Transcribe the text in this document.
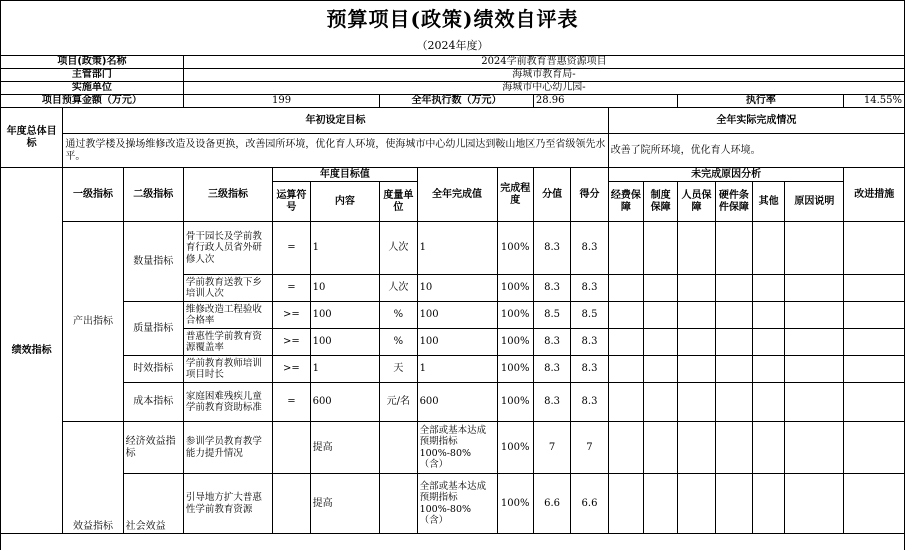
预算项目(政策)绩效自评表
（2024年度）
项目(政策)名称			2024学前教育普惠资源项目														
主管部门			海城市教育局-														
实施单位			海城市中心幼儿园-														
项目预算金额（万元）			199			全年执行数（万元）			28.96				执行率				14.55%
年度总体目标	年初设定目标										全年实际完成情况						
	通过教学楼及操场维修改造及设备更换，改善园所环境，优化育人环境，使海城市中心幼儿园达到鞍山地区乃至省级领先水平。										改善了院所环境，优化育人环境。						
绩效指标	一级指标	二级指标	三级指标	年度目标值			全年完成值	完成程度	分值	得分	未完成原因分析						改进措施
				运算符号	内容	度量单位					经费保障	制度保障	人员保障	硬件条件保障	其他	原因说明	
	产出指标	数量指标	骨干园长及学前教育行政人员省外研修人次	=	1	人次	1	100%	8.3	8.3							
			学前教育送教下乡培训人次	=	10	人次	10	100%	8.3	8.3							
		质量指标	维修改造工程验收合格率	>=	100	%	100	100%	8.5	8.5							
			普惠性学前教育资源覆盖率	>=	100	%	100	100%	8.3	8.3							
		时效指标	学前教育教师培训项目时长	>=	1	天	1	100%	8.3	8.3							
		成本指标	家庭困难残疾儿童学前教育资助标准	=	600	元/名	600	100%	8.3	8.3							
	效益指标	经济效益指标	参训学员教育教学能力提升情况		提高		全部或基本达成预期指标100%-80%（含）	100%	7	7							
		社会效益	引导地方扩大普惠性学前教育资源		提高		全部或基本达成预期指标100%-80%（含）	100%	6.6	6.6							
